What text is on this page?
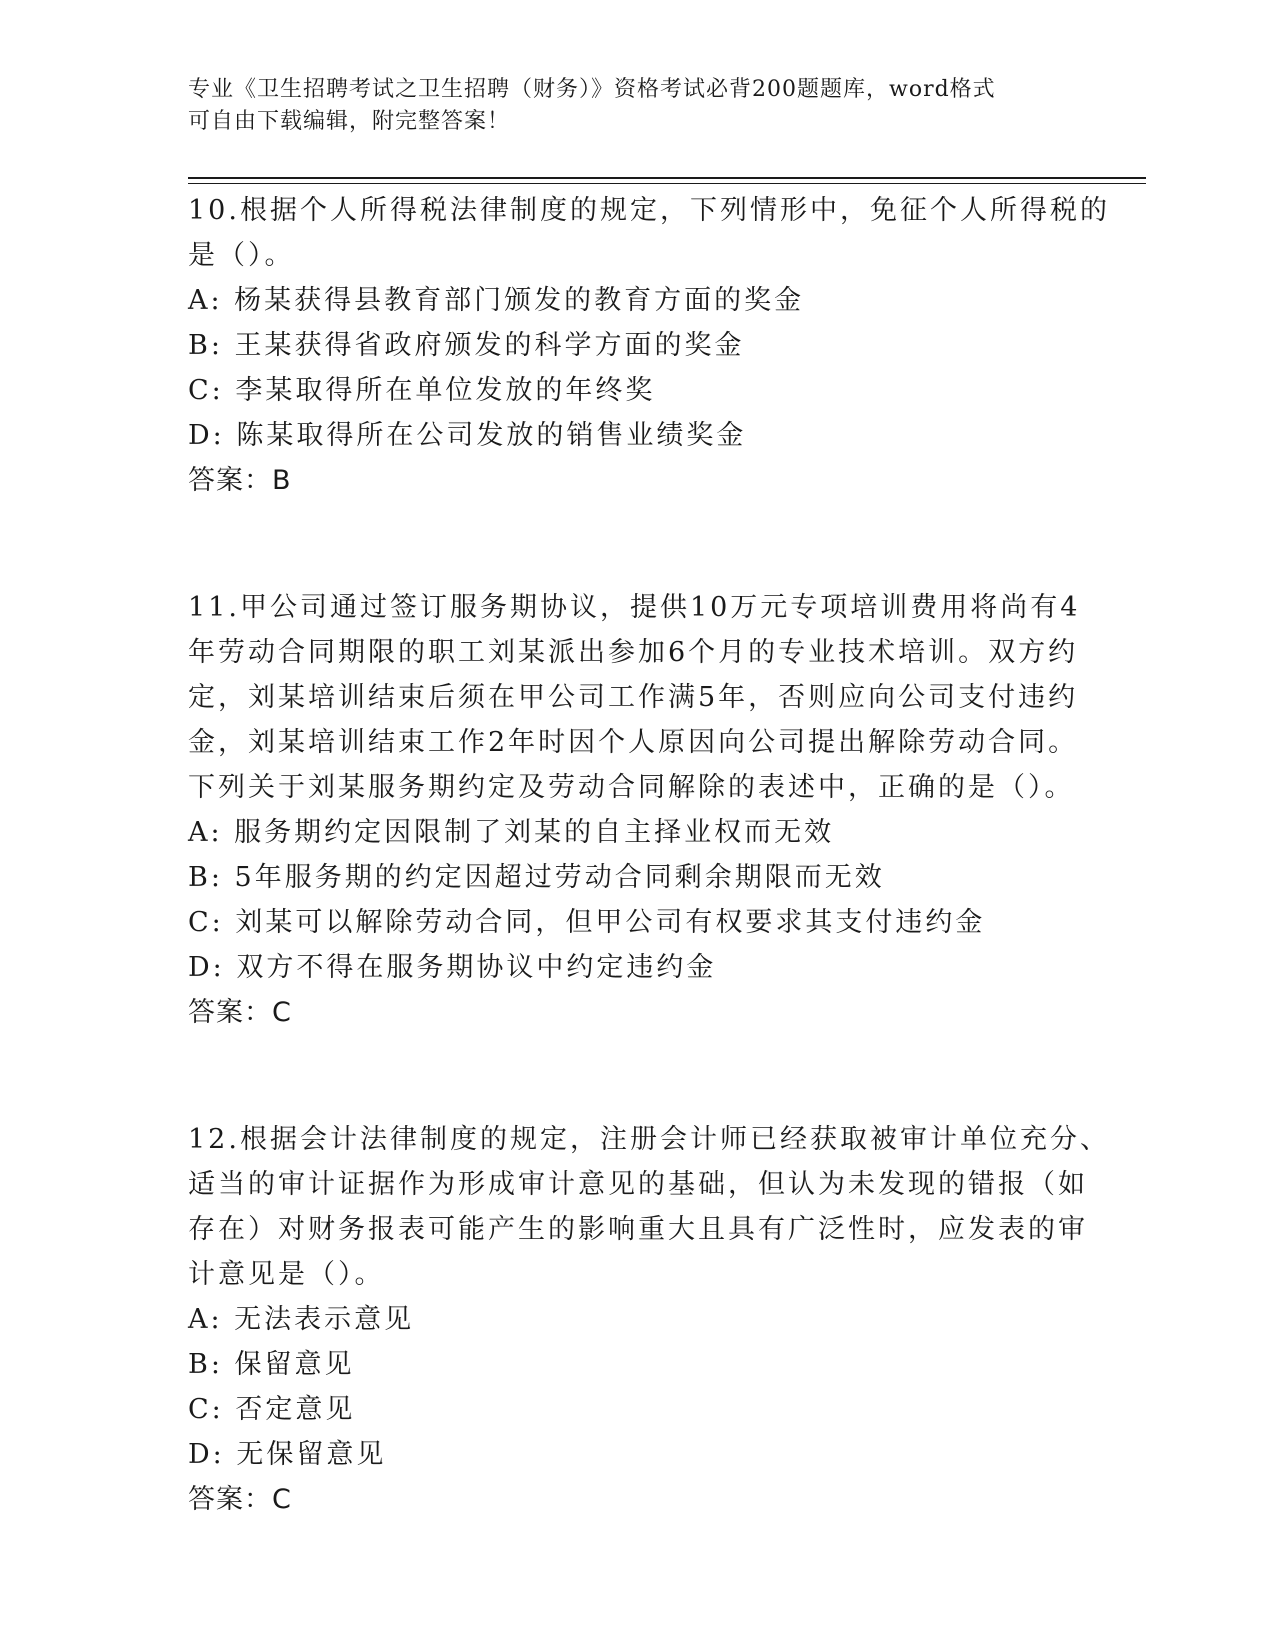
专业《卫生招聘考试之卫生招聘（财务）》资格考试必背200题题库，word格式
可自由下载编辑，附完整答案！
10.根据个人所得税法律制度的规定，下列情形中，免征个人所得税的
是（）。
A: 杨某获得县教育部门颁发的教育方面的奖金
B: 王某获得省政府颁发的科学方面的奖金
C: 李某取得所在单位发放的年终奖
D: 陈某取得所在公司发放的销售业绩奖金
答案：B
11.甲公司通过签订服务期协议，提供10万元专项培训费用将尚有4
年劳动合同期限的职工刘某派出参加6个月的专业技术培训。双方约
定，刘某培训结束后须在甲公司工作满5年，否则应向公司支付违约
金，刘某培训结束工作2年时因个人原因向公司提出解除劳动合同。
下列关于刘某服务期约定及劳动合同解除的表述中，正确的是（）。
A: 服务期约定因限制了刘某的自主择业权而无效
B: 5年服务期的约定因超过劳动合同剩余期限而无效
C: 刘某可以解除劳动合同，但甲公司有权要求其支付违约金
D: 双方不得在服务期协议中约定违约金
答案：C
12.根据会计法律制度的规定，注册会计师已经获取被审计单位充分、
适当的审计证据作为形成审计意见的基础，但认为未发现的错报（如
存在）对财务报表可能产生的影响重大且具有广泛性时，应发表的审
计意见是（）。
A: 无法表示意见
B: 保留意见
C: 否定意见
D: 无保留意见
答案：C
